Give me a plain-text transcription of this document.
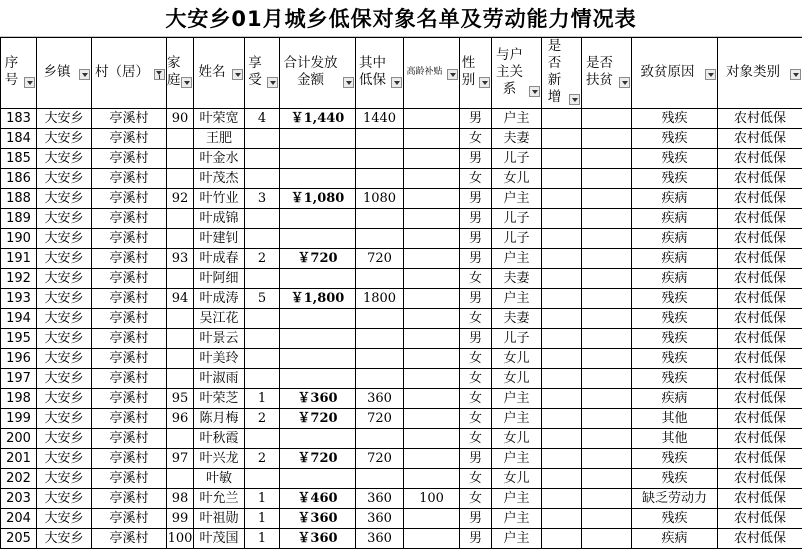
大安乡01月城乡低保对象名单及劳动能力情况表
序号	乡镇	村（居）	家庭	姓名	享受	合计发放金额	其中低保	高龄补贴	性别	与户主关系	是否新增	是否扶贫	致贫原因	对象类别

183	大安乡	亭溪村	90	叶荣宽	4	￥1,440	1440		男	户主			残疾	农村低保
184	大安乡	亭溪村		王肥					女	夫妻			残疾	农村低保
185	大安乡	亭溪村		叶金水					男	儿子			残疾	农村低保
186	大安乡	亭溪村		叶茂杰					女	女儿			残疾	农村低保
188	大安乡	亭溪村	92	叶竹业	3	￥1,080	1080		男	户主			疾病	农村低保
189	大安乡	亭溪村		叶成锦					男	儿子			疾病	农村低保
190	大安乡	亭溪村		叶建钊					男	儿子			疾病	农村低保
191	大安乡	亭溪村	93	叶成春	2	￥720	720		男	户主			疾病	农村低保
192	大安乡	亭溪村		叶阿细					女	夫妻			疾病	农村低保
193	大安乡	亭溪村	94	叶成涛	5	￥1,800	1800		男	户主			残疾	农村低保
194	大安乡	亭溪村		吴江花					女	夫妻			残疾	农村低保
195	大安乡	亭溪村		叶景云					男	儿子			残疾	农村低保
196	大安乡	亭溪村		叶美玲					女	女儿			残疾	农村低保
197	大安乡	亭溪村		叶淑雨					女	女儿			残疾	农村低保
198	大安乡	亭溪村	95	叶荣芝	1	￥360	360		女	户主			疾病	农村低保
199	大安乡	亭溪村	96	陈月梅	2	￥720	720		女	户主			其他	农村低保
200	大安乡	亭溪村		叶秋霞					女	女儿			其他	农村低保
201	大安乡	亭溪村	97	叶兴龙	2	￥720	720		男	户主			残疾	农村低保
202	大安乡	亭溪村		叶敏					女	女儿			残疾	农村低保
203	大安乡	亭溪村	98	叶允兰	1	￥460	360	100	女	户主			缺乏劳动力	农村低保
204	大安乡	亭溪村	99	叶祖勋	1	￥360	360		男	户主			残疾	农村低保
205	大安乡	亭溪村	100	叶茂国	1	￥360	360		男	户主			疾病	农村低保
